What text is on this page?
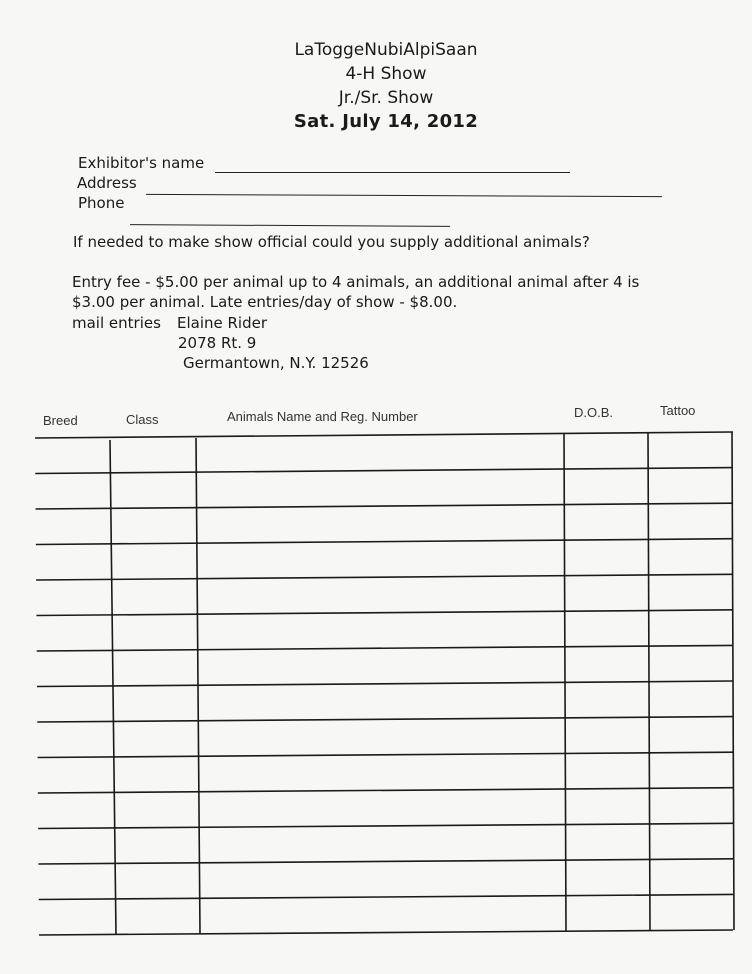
LaToggeNubiAlpiSaan
4-H Show
Jr./Sr. Show
Sat. July 14, 2012
Exhibitor's name
Address
Phone
If needed to make show official could you supply additional animals?
Entry fee - $5.00 per animal up to 4 animals, an additional animal after 4 is
$3.00 per animal. Late entries/day of show - $8.00.
mail entries Elaine Rider
2078 Rt. 9
Germantown, N.Y. 12526
Breed	Class	Animals Name and Reg. Number	D.O.B.	Tattoo
